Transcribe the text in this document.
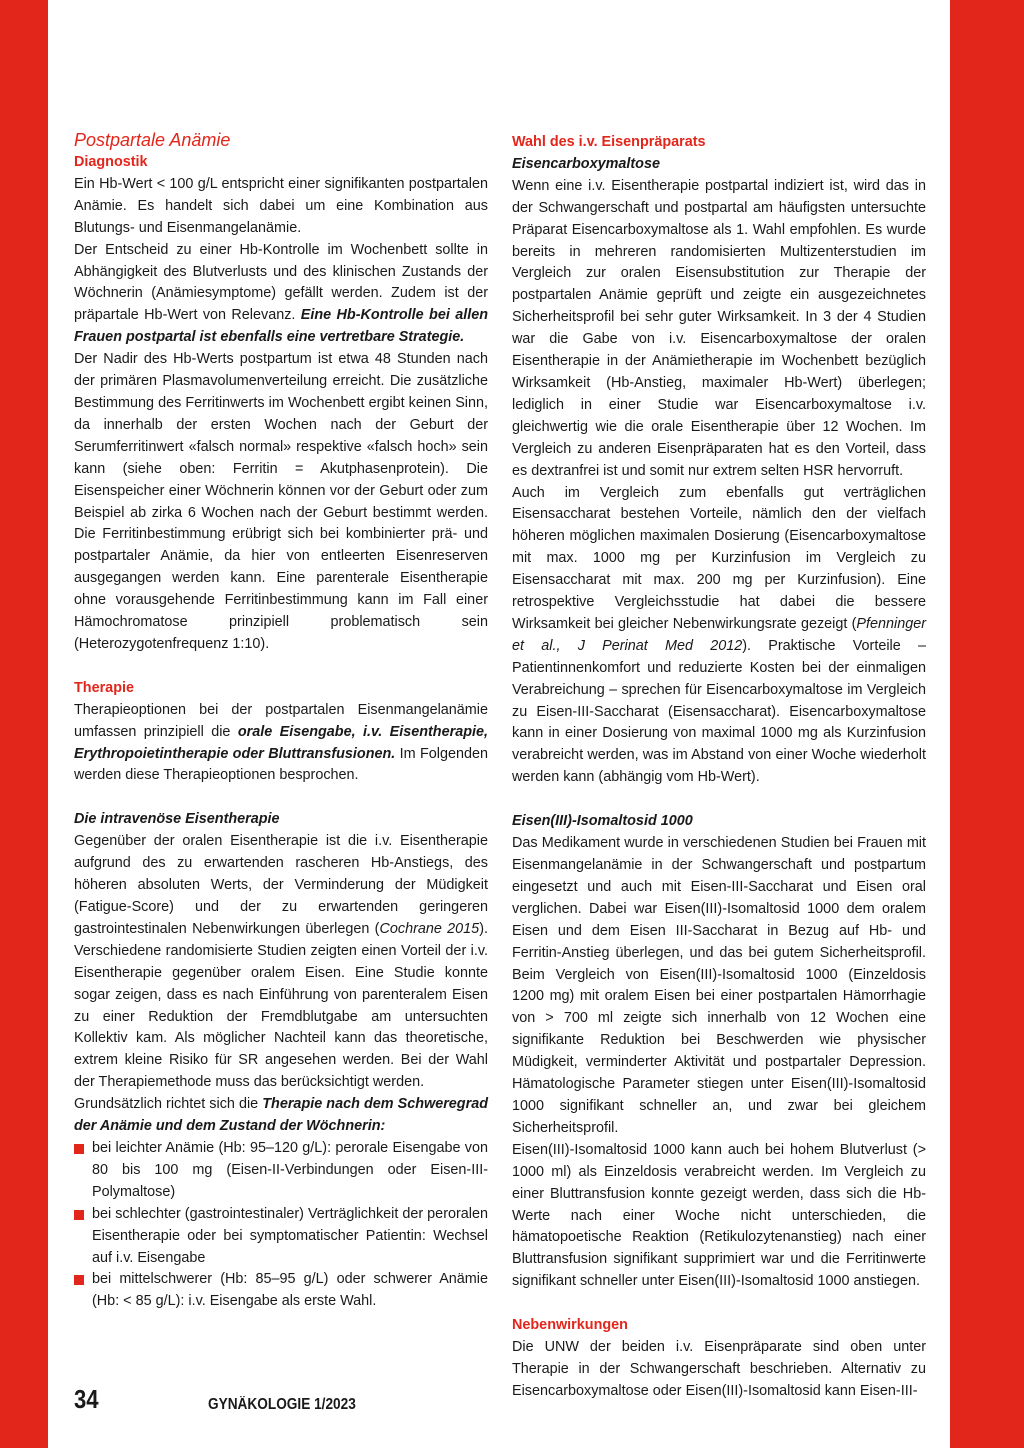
Postpartale Anämie

Diagnostik

Ein Hb-Wert < 100 g/L entspricht einer signifikanten postpartalen Anämie. Es handelt sich dabei um eine Kombination aus Blutungs- und Eisenmangelanämie.

Der Entscheid zu einer Hb-Kontrolle im Wochenbett sollte in Abhängigkeit des Blutverlusts und des klinischen Zustands der Wöchnerin (Anämiesymptome) gefällt werden. Zudem ist der präpartale Hb-Wert von Relevanz. Eine Hb-Kontrolle bei allen Frauen postpartal ist ebenfalls eine vertretbare Strategie.

Der Nadir des Hb-Werts postpartum ist etwa 48 Stunden nach der primären Plasmavolumenverteilung erreicht. Die zusätzliche Bestimmung des Ferritinwerts im Wochenbett ergibt keinen Sinn, da innerhalb der ersten Wochen nach der Geburt der Serumferritinwert «falsch normal» respektive «falsch hoch» sein kann (siehe oben: Ferritin = Akutphasenprotein). Die Eisenspeicher einer Wöchnerin können vor der Geburt oder zum Beispiel ab zirka 6 Wochen nach der Geburt bestimmt werden. Die Ferritinbestimmung erübrigt sich bei kombinierter prä- und postpartaler Anämie, da hier von entleerten Eisenreserven ausgegangen werden kann. Eine parenterale Eisentherapie ohne vorausgehende Ferritinbestimmung kann im Fall einer Hämochromatose prinzipiell problematisch sein (Heterozygotenfrequenz 1:10).

Therapie

Therapieoptionen bei der postpartalen Eisenmangelanämie umfassen prinzipiell die orale Eisengabe, i.v. Eisentherapie, Erythropoietintherapie oder Bluttransfusionen. Im Folgenden werden diese Therapieoptionen besprochen.

Die intravenöse Eisentherapie

Gegenüber der oralen Eisentherapie ist die i.v. Eisentherapie aufgrund des zu erwartenden rascheren Hb-Anstiegs, des höheren absoluten Werts, der Verminderung der Müdigkeit (Fatigue-Score) und der zu erwartenden geringeren gastrointestinalen Nebenwirkungen überlegen (Cochrane 2015). Verschiedene randomisierte Studien zeigten einen Vorteil der i.v. Eisentherapie gegenüber oralem Eisen. Eine Studie konnte sogar zeigen, dass es nach Einführung von parenteralem Eisen zu einer Reduktion der Fremdblutgabe am untersuchten Kollektiv kam. Als möglicher Nachteil kann das theoretische, extrem kleine Risiko für SR angesehen werden. Bei der Wahl der Therapiemethode muss das berücksichtigt werden.

Grundsätzlich richtet sich die Therapie nach dem Schweregrad der Anämie und dem Zustand der Wöchnerin:

bei leichter Anämie (Hb: 95–120 g/L): perorale Eisengabe von 80 bis 100 mg (Eisen-II-Verbindungen oder Eisen-III-Polymaltose)
bei schlechter (gastrointestinaler) Verträglichkeit der peroralen Eisentherapie oder bei symptomatischer Patientin: Wechsel auf i.v. Eisengabe
bei mittelschwerer (Hb: 85–95 g/L) oder schwerer Anämie (Hb: < 85 g/L): i.v. Eisengabe als erste Wahl.

Wahl des i.v. Eisenpräparats

Eisencarboxymaltose

Wenn eine i.v. Eisentherapie postpartal indiziert ist, wird das in der Schwangerschaft und postpartal am häufigsten untersuchte Präparat Eisencarboxymaltose als 1. Wahl empfohlen. Es wurde bereits in mehreren randomisierten Multizenterstudien im Vergleich zur oralen Eisensubstitution zur Therapie der postpartalen Anämie geprüft und zeigte ein ausgezeichnetes Sicherheitsprofil bei sehr guter Wirksamkeit. In 3 der 4 Studien war die Gabe von i.v. Eisencarboxymaltose der oralen Eisentherapie in der Anämietherapie im Wochenbett bezüglich Wirksamkeit (Hb-Anstieg, maximaler Hb-Wert) überlegen; lediglich in einer Studie war Eisencarboxymaltose i.v. gleichwertig wie die orale Eisentherapie über 12 Wochen. Im Vergleich zu anderen Eisenpräparaten hat es den Vorteil, dass es dextranfrei ist und somit nur extrem selten HSR hervorruft.

Auch im Vergleich zum ebenfalls gut verträglichen Eisensaccharat bestehen Vorteile, nämlich den der vielfach höheren möglichen maximalen Dosierung (Eisencarboxymaltose mit max. 1000 mg per Kurzinfusion im Vergleich zu Eisensaccharat mit max. 200 mg per Kurzinfusion). Eine retrospektive Vergleichsstudie hat dabei die bessere Wirksamkeit bei gleicher Nebenwirkungsrate gezeigt (Pfenninger et al., J Perinat Med 2012). Praktische Vorteile – Patientinnenkomfort und reduzierte Kosten bei der einmaligen Verabreichung – sprechen für Eisencarboxymaltose im Vergleich zu Eisen-III-Saccharat (Eisensaccharat). Eisencarboxymaltose kann in einer Dosierung von maximal 1000 mg als Kurzinfusion verabreicht werden, was im Abstand von einer Woche wiederholt werden kann (abhängig vom Hb-Wert).

Eisen(III)-Isomaltosid 1000

Das Medikament wurde in verschiedenen Studien bei Frauen mit Eisenmangelanämie in der Schwangerschaft und postpartum eingesetzt und auch mit Eisen-III-Saccharat und Eisen oral verglichen. Dabei war Eisen(III)-Isomaltosid 1000 dem oralem Eisen und dem Eisen III-Saccharat in Bezug auf Hb- und Ferritin-Anstieg überlegen, und das bei gutem Sicherheitsprofil. Beim Vergleich von Eisen(III)-Isomaltosid 1000 (Einzeldosis 1200 mg) mit oralem Eisen bei einer postpartalen Hämorrhagie von > 700 ml zeigte sich innerhalb von 12 Wochen eine signifikante Reduktion bei Beschwerden wie physischer Müdigkeit, verminderter Aktivität und postpartaler Depression. Hämatologische Parameter stiegen unter Eisen(III)-Isomaltosid 1000 signifikant schneller an, und zwar bei gleichem Sicherheitsprofil.

Eisen(III)-Isomaltosid 1000 kann auch bei hohem Blutverlust (> 1000 ml) als Einzeldosis verabreicht werden. Im Vergleich zu einer Bluttransfusion konnte gezeigt werden, dass sich die Hb-Werte nach einer Woche nicht unterschieden, die hämatopoetische Reaktion (Retikulozytenanstieg) nach einer Bluttransfusion signifikant supprimiert war und die Ferritinwerte signifikant schneller unter Eisen(III)-Isomaltosid 1000 anstiegen.

Nebenwirkungen

Die UNW der beiden i.v. Eisenpräparate sind oben unter Therapie in der Schwangerschaft beschrieben. Alternativ zu Eisencarboxymaltose oder Eisen(III)-Isomaltosid kann Eisen-III-

34	GYNÄKOLOGIE 1/2023
